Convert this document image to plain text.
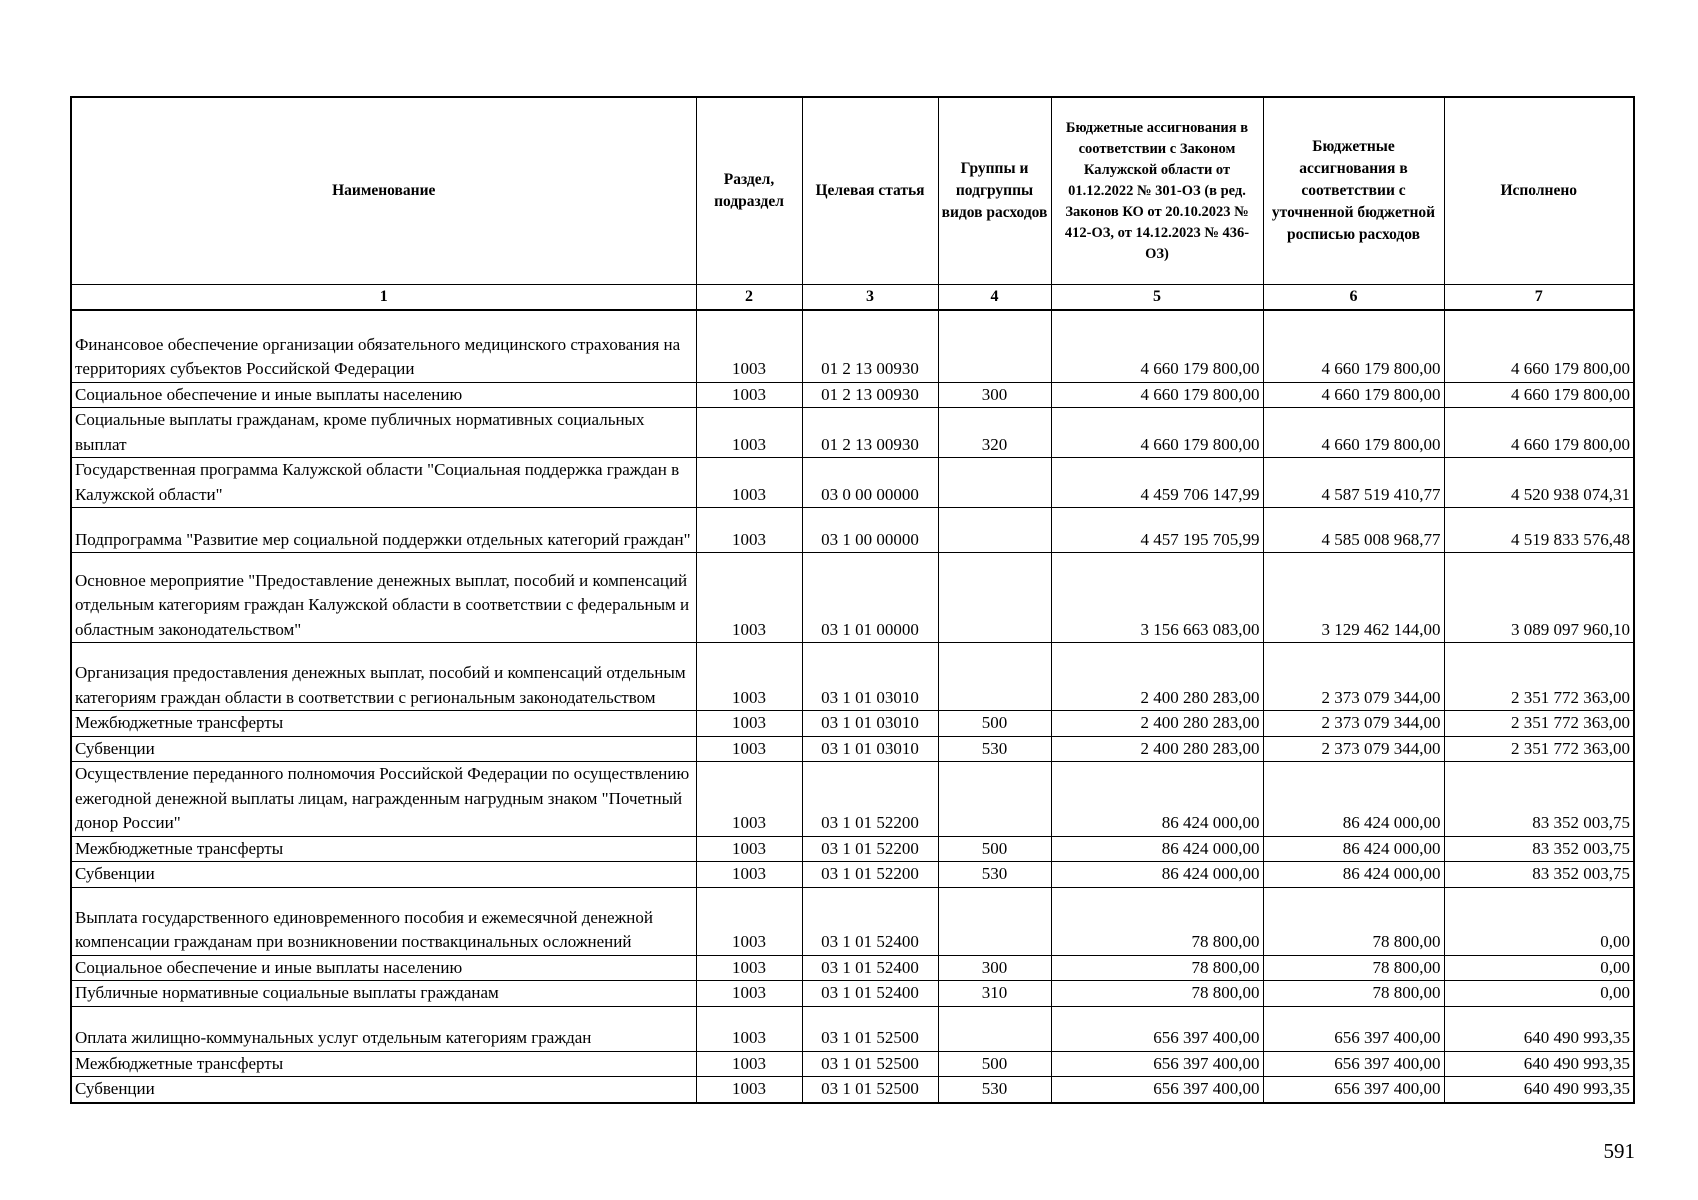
Наименование	Раздел, подраздел	Целевая статья	Группы и подгруппы видов расходов	Бюджетные ассигнования в соответствии с Законом Калужской области от 01.12.2022 № 301-ОЗ (в ред. Законов КО от 20.10.2023 № 412-ОЗ, от 14.12.2023 № 436-ОЗ)	Бюджетные ассигнования в соответствии с уточненной бюджетной росписью расходов	Исполнено
1	2	3	4	5	6	7
Финансовое обеспечение организации обязательного медицинского страхования на территориях субъектов Российской Федерации	1003	01 2 13 00930		4 660 179 800,00	4 660 179 800,00	4 660 179 800,00
Социальное обеспечение и иные выплаты населению	1003	01 2 13 00930	300	4 660 179 800,00	4 660 179 800,00	4 660 179 800,00
Социальные выплаты гражданам, кроме публичных нормативных социальных выплат	1003	01 2 13 00930	320	4 660 179 800,00	4 660 179 800,00	4 660 179 800,00
Государственная программа Калужской области "Социальная поддержка граждан в Калужской области"	1003	03 0 00 00000		4 459 706 147,99	4 587 519 410,77	4 520 938 074,31
Подпрограмма "Развитие мер социальной поддержки отдельных категорий граждан"	1003	03 1 00 00000		4 457 195 705,99	4 585 008 968,77	4 519 833 576,48
Основное мероприятие "Предоставление денежных выплат, пособий и компенсаций отдельным категориям граждан Калужской области в соответствии с федеральным и областным законодательством"	1003	03 1 01 00000		3 156 663 083,00	3 129 462 144,00	3 089 097 960,10
Организация предоставления денежных выплат, пособий и компенсаций отдельным категориям граждан области в соответствии с региональным законодательством	1003	03 1 01 03010		2 400 280 283,00	2 373 079 344,00	2 351 772 363,00
Межбюджетные трансферты	1003	03 1 01 03010	500	2 400 280 283,00	2 373 079 344,00	2 351 772 363,00
Субвенции	1003	03 1 01 03010	530	2 400 280 283,00	2 373 079 344,00	2 351 772 363,00
Осуществление переданного полномочия Российской Федерации по осуществлению ежегодной денежной выплаты лицам, награжденным нагрудным знаком "Почетный донор России"	1003	03 1 01 52200		86 424 000,00	86 424 000,00	83 352 003,75
Межбюджетные трансферты	1003	03 1 01 52200	500	86 424 000,00	86 424 000,00	83 352 003,75
Субвенции	1003	03 1 01 52200	530	86 424 000,00	86 424 000,00	83 352 003,75
Выплата государственного единовременного пособия и ежемесячной денежной компенсации гражданам при возникновении поствакцинальных осложнений	1003	03 1 01 52400		78 800,00	78 800,00	0,00
Социальное обеспечение и иные выплаты населению	1003	03 1 01 52400	300	78 800,00	78 800,00	0,00
Публичные нормативные социальные выплаты гражданам	1003	03 1 01 52400	310	78 800,00	78 800,00	0,00
Оплата жилищно-коммунальных услуг отдельным категориям граждан	1003	03 1 01 52500		656 397 400,00	656 397 400,00	640 490 993,35
Межбюджетные трансферты	1003	03 1 01 52500	500	656 397 400,00	656 397 400,00	640 490 993,35
Субвенции	1003	03 1 01 52500	530	656 397 400,00	656 397 400,00	640 490 993,35
591
